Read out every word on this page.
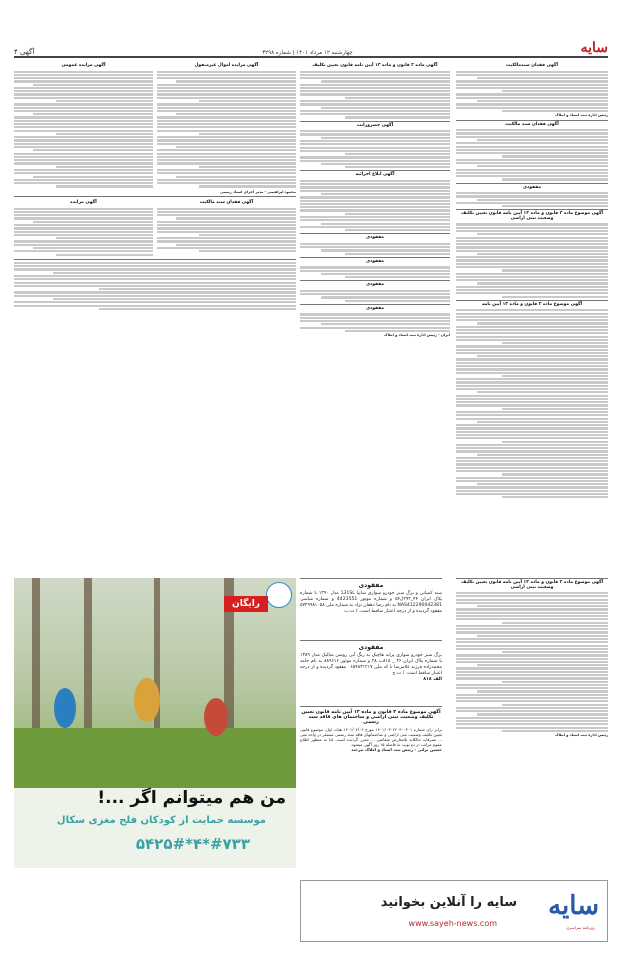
سایه
چهارشنبه ۱۲ مرداد ۱۴۰۱ | شماره ۳۲۹۸
آگهی ۴
آگهی فقدان سندمالکیت
رئیس اداره ثبت اسناد و املاک
آگهی فقدان سند مالکیت
مفقودی
آگهی موضوع ماده ۳ قانون و ماده ۱۳ آیین نامه قانون تعیین تکلیف وضعیت ثبتی اراضی
آگهی موضوع ماده ۳ قانون و ماده ۱۳ آیین نامه
آگهی ماده ۳ قانون و ماده ۱۳ آیین نامه قانون تعیین تکلیف
آگهی حصروراثت
آگهی ابلاغ اجرائیه
مفقودی
مفقودی
مفقودی
مفقودی
ایران - رئیس اداره ثبت اسناد و املاک
آگهی مزایده اموال غیرمنقول
آگهی مزایده عمومی
محمود ابراهیمی - مدیر اجرای اسناد رسمی
آگهی فقدان سند مالکیت
آگهی مزایده
رایگان
من هم میتوانم اگر ...!
موسسه حمایت از کودکان فلج مغزی سکال
#۷۳۳*۴*۵۴۲۵#
مفقودی
سند کمپانی و برگ سبز خودرو سواری سایپا 131SL مدل ۱۳۹۰ با شماره پلاک ایران ۴۴_۲۹۲ل۵۴ و شماره موتور 4423551 و شماره شاسی NAS412290042381 به نام رضا دهقان نژاد به شماره ملی ۵۷۲۹۹۸۱۰۵۸ مفقود گردیده و از درجه اعتبار ساقط است. / ت.ب
مفقودی
برگ سبز خودرو سواری پراید هاچبک به رنگ آبی روشن متالیک مدل ۱۳۸۹ با شماره پلاک ایران ۲۶ _ ۸۱۸ب ۲۸ و شماره موتور ۸۸۹۶۱۶ به نام حامد محمدزاده فرزند غلامرضا با کد ملی ۰۶۵۴۸۳۱۲۱۷ مفقود گردیده و از درجه اعتبار ساقط است. / ت.ح
الف ۸۱۸
آگهی موضوع ماده ۳ قانون و ماده ۱۳ آیین نامه قانون تعیین تکلیف وضعیت ثبتی اراضی و ساختمان های فاقد سند رسمی
برابر رای شماره ۱۴۰۱۶۰۳۰۴۲۰۳۰۰۳۰۱ مورخ ۱۴۰۱/۰۴/۰۶ هیات اول، موضوع قانون تعیین تکلیف وضعیت ثبتی اراضی و ساختمانهای فاقد سند رسمی مستقر در واحد ثبتی ... تصرفات مالکانه بلامعارض متقاضی ... محرز گردیده است. لذا به منظور اطلاع عموم مراتب در دو نوبت به فاصله ۱۵ روز آگهی میشود.
حسین براتی - رئیس ثبت اسناد و املاک بیرجند
آگهی موضوع ماده ۳ قانون و ماده ۱۳ آیین نامه قانون تعیین تکلیف وضعیت ثبتی اراضی
رئیس اداره ثبت اسناد و املاک
سایه
سایه را آنلاین بخوانید
www.sayeh-news.com	روزنامه سراسری
